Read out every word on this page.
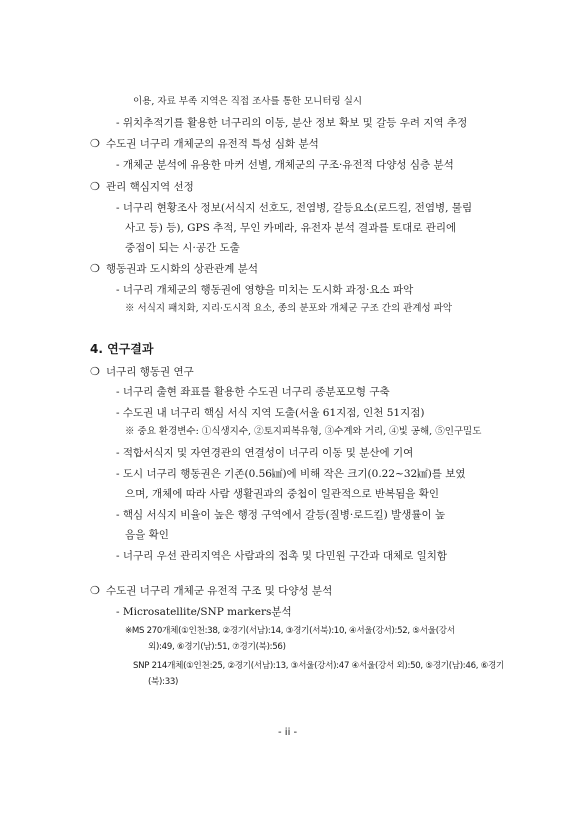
이용, 자료 부족 지역은 직접 조사를 통한 모니터링 실시
- 위치추적기를 활용한 너구리의 이동, 분산 정보 확보 및 갈등 우려 지역 추정
❍ 수도권 너구리 개체군의 유전적 특성 심화 분석
- 개체군 분석에 유용한 마커 선별, 개체군의 구조·유전적 다양성 심층 분석
❍ 관리 핵심지역 선정
- 너구리 현황조사 정보(서식지 선호도, 전염병, 갈등요소(로드킬, 전염병, 물림
사고 등) 등), GPS 추적, 무인 카메라, 유전자 분석 결과를 토대로 관리에
중점이 되는 시·공간 도출
❍ 행동권과 도시화의 상관관계 분석
- 너구리 개체군의 행동권에 영향을 미치는 도시화 과정·요소 파악
※ 서식지 패치화, 지리·도시적 요소, 종의 분포와 개체군 구조 간의 관계성 파악
4. 연구결과
❍ 너구리 행동권 연구
- 너구리 출현 좌표를 활용한 수도권 너구리 종분포모형 구축
- 수도권 내 너구리 핵심 서식 지역 도출(서울 61지점, 인천 51지점)
※ 중요 환경변수: ①식생지수, ②토지피복유형, ③수계와 거리, ④빛 공해, ⑤인구밀도
- 적합서식지 및 자연경관의 연결성이 너구리 이동 및 분산에 기여
- 도시 너구리 행동권은 기존(0.56㎢)에 비해 작은 크기(0.22~32㎢)를 보였
으며, 개체에 따라 사람 생활권과의 중첩이 일관적으로 반복됨을 확인
- 핵심 서식지 비율이 높은 행정 구역에서 갈등(질병·로드킬) 발생률이 높
음을 확인
- 너구리 우선 관리지역은 사람과의 접촉 및 다민원 구간과 대체로 일치함
❍ 수도권 너구리 개체군 유전적 구조 및 다양성 분석
- Microsatellite/SNP markers분석
※MS 270개체(①인천:38, ②경기(서남):14, ③경기(서북):10, ④서울(강서):52, ⑤서울(강서
외):49, ⑥경기(남):51, ⑦경기(북):56)
SNP 214개체(①인천:25, ②경기(서남):13, ③서울(강서):47 ④서울(강서 외):50, ⑤경기(남):46, ⑥경기
(북):33)
- ii -
